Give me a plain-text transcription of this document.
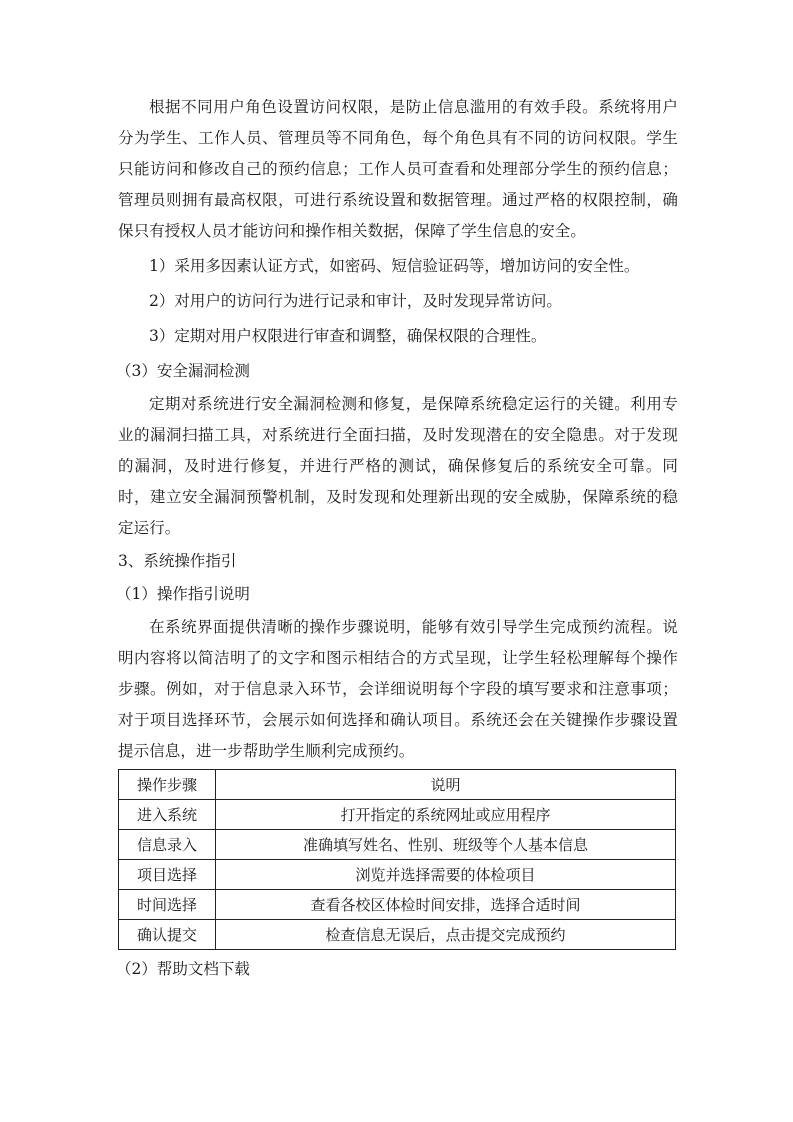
根据不同用户角色设置访问权限，是防止信息滥用的有效手段。系统将用户分为学生、工作人员、管理员等不同角色，每个角色具有不同的访问权限。学生只能访问和修改自己的预约信息；工作人员可查看和处理部分学生的预约信息；管理员则拥有最高权限，可进行系统设置和数据管理。通过严格的权限控制，确保只有授权人员才能访问和操作相关数据，保障了学生信息的安全。

1）采用多因素认证方式，如密码、短信验证码等，增加访问的安全性。

2）对用户的访问行为进行记录和审计，及时发现异常访问。

3）定期对用户权限进行审查和调整，确保权限的合理性。

（3）安全漏洞检测

定期对系统进行安全漏洞检测和修复，是保障系统稳定运行的关键。利用专业的漏洞扫描工具，对系统进行全面扫描，及时发现潜在的安全隐患。对于发现的漏洞，及时进行修复，并进行严格的测试，确保修复后的系统安全可靠。同时，建立安全漏洞预警机制，及时发现和处理新出现的安全威胁，保障系统的稳定运行。

3、系统操作指引

（1）操作指引说明

在系统界面提供清晰的操作步骤说明，能够有效引导学生完成预约流程。说明内容将以简洁明了的文字和图示相结合的方式呈现，让学生轻松理解每个操作步骤。例如，对于信息录入环节，会详细说明每个字段的填写要求和注意事项；对于项目选择环节，会展示如何选择和确认项目。系统还会在关键操作步骤设置提示信息，进一步帮助学生顺利完成预约。

操作步骤	说明
进入系统	打开指定的系统网址或应用程序
信息录入	准确填写姓名、性别、班级等个人基本信息
项目选择	浏览并选择需要的体检项目
时间选择	查看各校区体检时间安排，选择合适时间
确认提交	检查信息无误后，点击提交完成预约

（2）帮助文档下载
